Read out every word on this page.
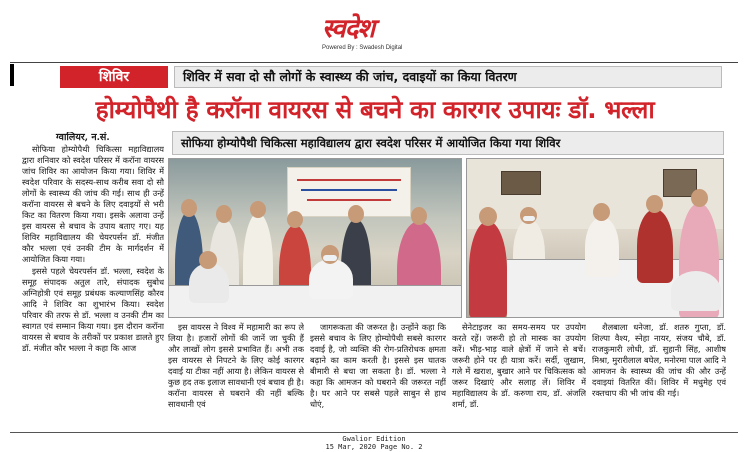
स्वदेश
Powered By : Swadesh Digital
शिविर	शिविर में सवा दो सौ लोगों के स्वास्थ्य की जांच, दवाइयों का किया वितरण
होम्योपैथी है करॉना वायरस से बचने का कारगर उपायः डॉ. भल्ला
सोफिया होम्योपैथी चिकित्सा महाविद्यालय द्वारा स्वदेश परिसर में आयोजित किया गया शिविर
ग्वालियर, न.सं.
सोफिया होम्योपैथी चिकित्सा महाविद्यालय द्वारा शनिवार को स्वदेश परिसर में करॉना वायरस जांच शिविर का आयोजन किया गया। शिविर में स्वदेश परिवार के सदस्य-साथ करीब सवा दो सौ लोगों के स्वास्थ्य की जांच की गई। साथ ही उन्हें करॉना वायरस से बचने के लिए दवाइयों से भरी किट का वितरण किया गया। इसके अलावा उन्हें इस वायरस से बचाव के उपाय बताए गए। यह शिविर महाविद्यालय की चेयरपर्सन डॉ. मंजीत कौर भल्ला एवं उनकी टीम के मार्गदर्शन में आयोजित किया गया।
इससे पहले चेयरपर्सन डॉ. भल्ला, स्वदेश के समूह संपादक अतुल तारे, संपादक सुबोध अग्निहोत्री एवं समूह प्रबंधक कल्याणसिंह कौरव आदि ने शिविर का शुभारंभ किया। स्वदेश परिवार की तरफ से डॉ. भल्ला व उनकी टीम का स्वागत एवं सम्मान किया गया। इस दौरान करॉना वायरस से बचाव के तरीकों पर प्रकाश डालते हुए डॉ. मंजीत कौर भल्ला ने कहा कि आज
इस वायरस ने विश्व में महामारी का रूप ले लिया है। हजारों लोगों की जानें जा चुकी हैं और लाखों लोग इससे प्रभावित हैं। अभी तक इस वायरस से निपटने के लिए कोई कारगर दवाई या टीका नहीं आया है। लेकिन वायरस से कुछ हद तक इलाज सावधानी एवं बचाव ही है। करॉना वायरस से घबराने की नहीं बल्कि सावधानी एवं
जागरूकता की जरूरत है। उन्होंने कहा कि इससे बचाव के लिए होम्योपैथी सबसे कारगर दवाई है, जो व्यक्ति की रोग-प्रतिरोधक क्षमता बढ़ाने का काम करती है। इससे इस घातक बीमारी से बचा जा सकता है। डॉ. भल्ला ने कहा कि आमजन को घबराने की जरूरत नहीं है। घर आने पर सबसे पहले साबुन से हाथ धोएं,
सेनेटाइजर का समय-समय पर उपयोग करते रहें। जरूरी हो तो मास्क का उपयोग करें। भीड़-भाड़ वाले क्षेत्रों में जाने से बचें। जरूरी होने पर ही यात्रा करें। सर्दी, जुखाम, गले में खराश, बुखार आने पर चिकित्सक को जरूर दिखाएं और सलाह लें। शिविर में महाविद्यालय के डॉ. करुणा राय, डॉ. अंजलि शर्मा, डॉ.
शैलबाला धनेजा, डॉ. शतरु गुप्ता, डॉ. शिल्पा वैश्य, स्नेहा नायर, संजय चौबे, डॉ. राजकुमारी लोधी, डॉ. सुहानी सिंह, आशीष मिश्रा, मुरारीलाल बघेल, मनोरमा पाल आदि ने आमजन के स्वास्थ्य की जांच की और उन्हें दवाइयां वितरित कीं। शिविर में मधुमेह एवं रक्तचाप की भी जांच की गई।
Gwalior Edition
15 Mar, 2020 Page No. 2
